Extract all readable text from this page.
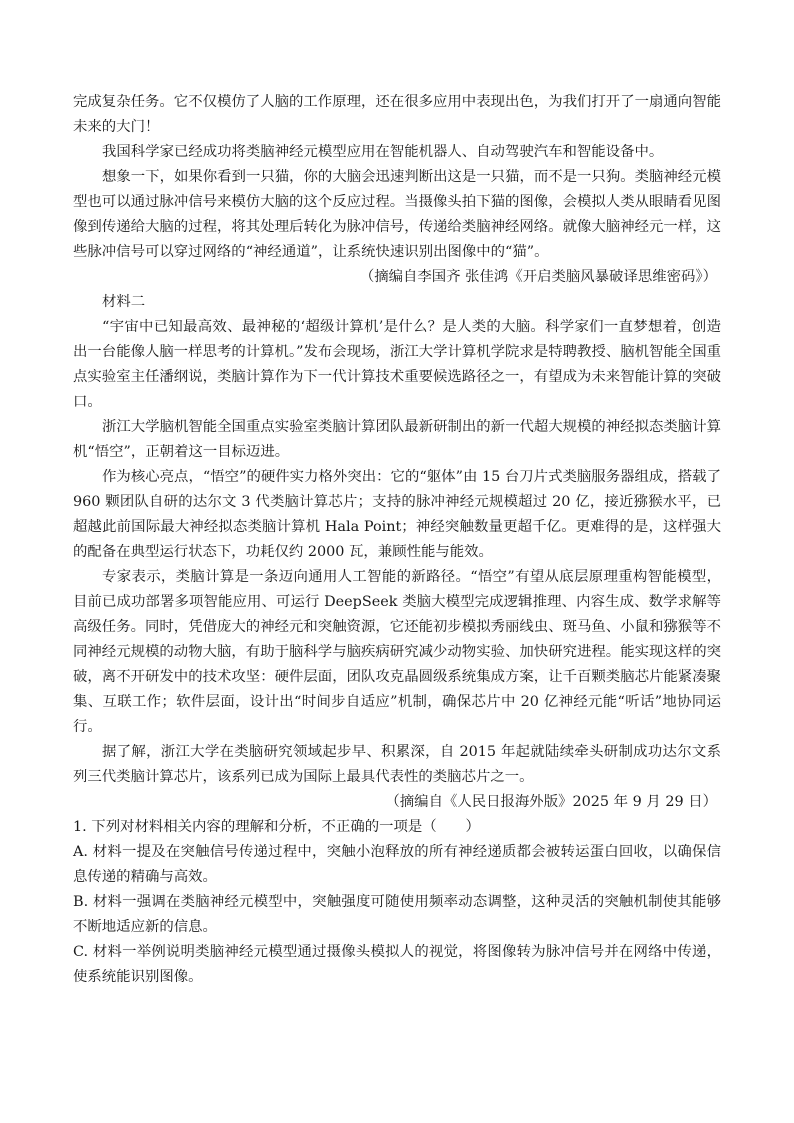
完成复杂任务。它不仅模仿了人脑的工作原理，还在很多应用中表现出色，为我们打开了一扇通向智能未来的大门！

我国科学家已经成功将类脑神经元模型应用在智能机器人、自动驾驶汽车和智能设备中。

想象一下，如果你看到一只猫，你的大脑会迅速判断出这是一只猫，而不是一只狗。类脑神经元模型也可以通过脉冲信号来模仿大脑的这个反应过程。当摄像头拍下猫的图像，会模拟人类从眼睛看见图像到传递给大脑的过程，将其处理后转化为脉冲信号，传递给类脑神经网络。就像大脑神经元一样，这些脉冲信号可以穿过网络的“神经通道”，让系统快速识别出图像中的“猫”。

（摘编自李国齐 张佳鸿《开启类脑风暴破译思维密码》）

材料二

“宇宙中已知最高效、最神秘的‘超级计算机’是什么？是人类的大脑。科学家们一直梦想着，创造出一台能像人脑一样思考的计算机。”发布会现场，浙江大学计算机学院求是特聘教授、脑机智能全国重点实验室主任潘纲说，类脑计算作为下一代计算技术重要候选路径之一，有望成为未来智能计算的突破口。

浙江大学脑机智能全国重点实验室类脑计算团队最新研制出的新一代超大规模的神经拟态类脑计算机“悟空”，正朝着这一目标迈进。

作为核心亮点，“悟空”的硬件实力格外突出：它的“躯体”由 15 台刀片式类脑服务器组成，搭载了 960 颗团队自研的达尔文 3 代类脑计算芯片；支持的脉冲神经元规模超过 20 亿，接近猕猴水平，已超越此前国际最大神经拟态类脑计算机 Hala Point；神经突触数量更超千亿。更难得的是，这样强大的配备在典型运行状态下，功耗仅约 2000 瓦，兼顾性能与能效。

专家表示，类脑计算是一条迈向通用人工智能的新路径。“悟空”有望从底层原理重构智能模型，目前已成功部署多项智能应用、可运行 DeepSeek 类脑大模型完成逻辑推理、内容生成、数学求解等高级任务。同时，凭借庞大的神经元和突触资源，它还能初步模拟秀丽线虫、斑马鱼、小鼠和猕猴等不同神经元规模的动物大脑，有助于脑科学与脑疾病研究减少动物实验、加快研究进程。能实现这样的突破，离不开研发中的技术攻坚：硬件层面，团队攻克晶圆级系统集成方案，让千百颗类脑芯片能紧凑聚集、互联工作；软件层面，设计出“时间步自适应”机制，确保芯片中 20 亿神经元能“听话”地协同运行。

据了解，浙江大学在类脑研究领域起步早、积累深，自 2015 年起就陆续牵头研制成功达尔文系列三代类脑计算芯片，该系列已成为国际上最具代表性的类脑芯片之一。

（摘编自《人民日报海外版》2025 年 9 月 29 日）

1. 下列对材料相关内容的理解和分析，不正确的一项是（　　）

A. 材料一提及在突触信号传递过程中，突触小泡释放的所有神经递质都会被转运蛋白回收，以确保信息传递的精确与高效。

B. 材料一强调在类脑神经元模型中，突触强度可随使用频率动态调整，这种灵活的突触机制使其能够不断地适应新的信息。

C. 材料一举例说明类脑神经元模型通过摄像头模拟人的视觉，将图像转为脉冲信号并在网络中传递，使系统能识别图像。
